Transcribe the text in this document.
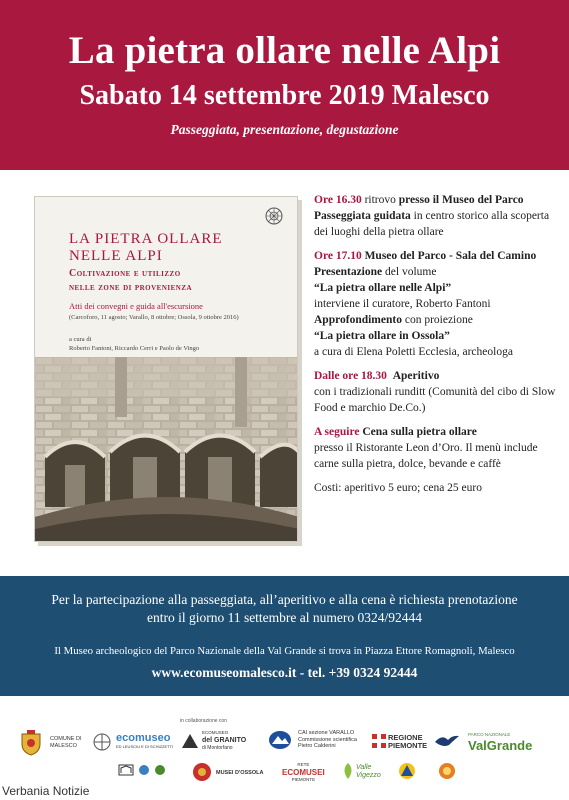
La pietra ollare nelle Alpi
Sabato 14 settembre 2019 Malesco
Passeggiata, presentazione, degustazione
LA PIETRA OLLARE
NELLE ALPI
Coltivazione e utilizzo
nelle zone di provenienza
Atti dei convegni e guida all'escursione
(Carcoforo, 11 agosto; Varallo, 8 ottobre; Ossola, 9 ottobre 2016)
a cura di
Roberto Fantoni, Riccardo Cerri e Paolo de Vingo
Ore 16.30 ritrovo presso il Museo del Parco
Passeggiata guidata in centro storico alla scoperta dei luoghi della pietra ollare
Ore 17.10 Museo del Parco - Sala del Camino
Presentazione del volume
“La pietra ollare nelle Alpi”
interviene il curatore, Roberto Fantoni
Approfondimento con proiezione
“La pietra ollare in Ossola”
a cura di Elena Poletti Ecclesia, archeologa
Dalle ore 18.30 Aperitivo
con i tradizionali runditt (Comunità del cibo di Slow Food e marchio De.Co.)
A seguire Cena sulla pietra ollare
presso il Ristorante Leon d’Oro. Il menù include carne sulla pietra, dolce, bevande e caffè
Costi: aperitivo 5 euro; cena 25 euro
Per la partecipazione alla passeggiata, all’aperitivo e alla cena è richiesta prenotazione
entro il giorno 11 settembre al numero 0324/92444
Il Museo archeologico del Parco Nazionale della Val Grande si trova in Piazza Ettore Romagnoli, Malesco
www.ecomuseomalesco.it - tel. +39 0324 92444
in collaborazione con
COMUNE DI
MALESCO
ecomuseo
ED LEUSCIU E DI SCHIZZETTI
ECOMUSEO
del GRANITO
di Montorfano
CAI sezione VARALLO
Commissione scientifica
Pietro Calderini
REGIONE
PIEMONTE
PARCO NAZIONALE
ValGrande
MUSEI D'OSSOLA
RETE
ECOMUSEI
PIEMONTE
Valle
Vigezzo
Verbania Notizie
